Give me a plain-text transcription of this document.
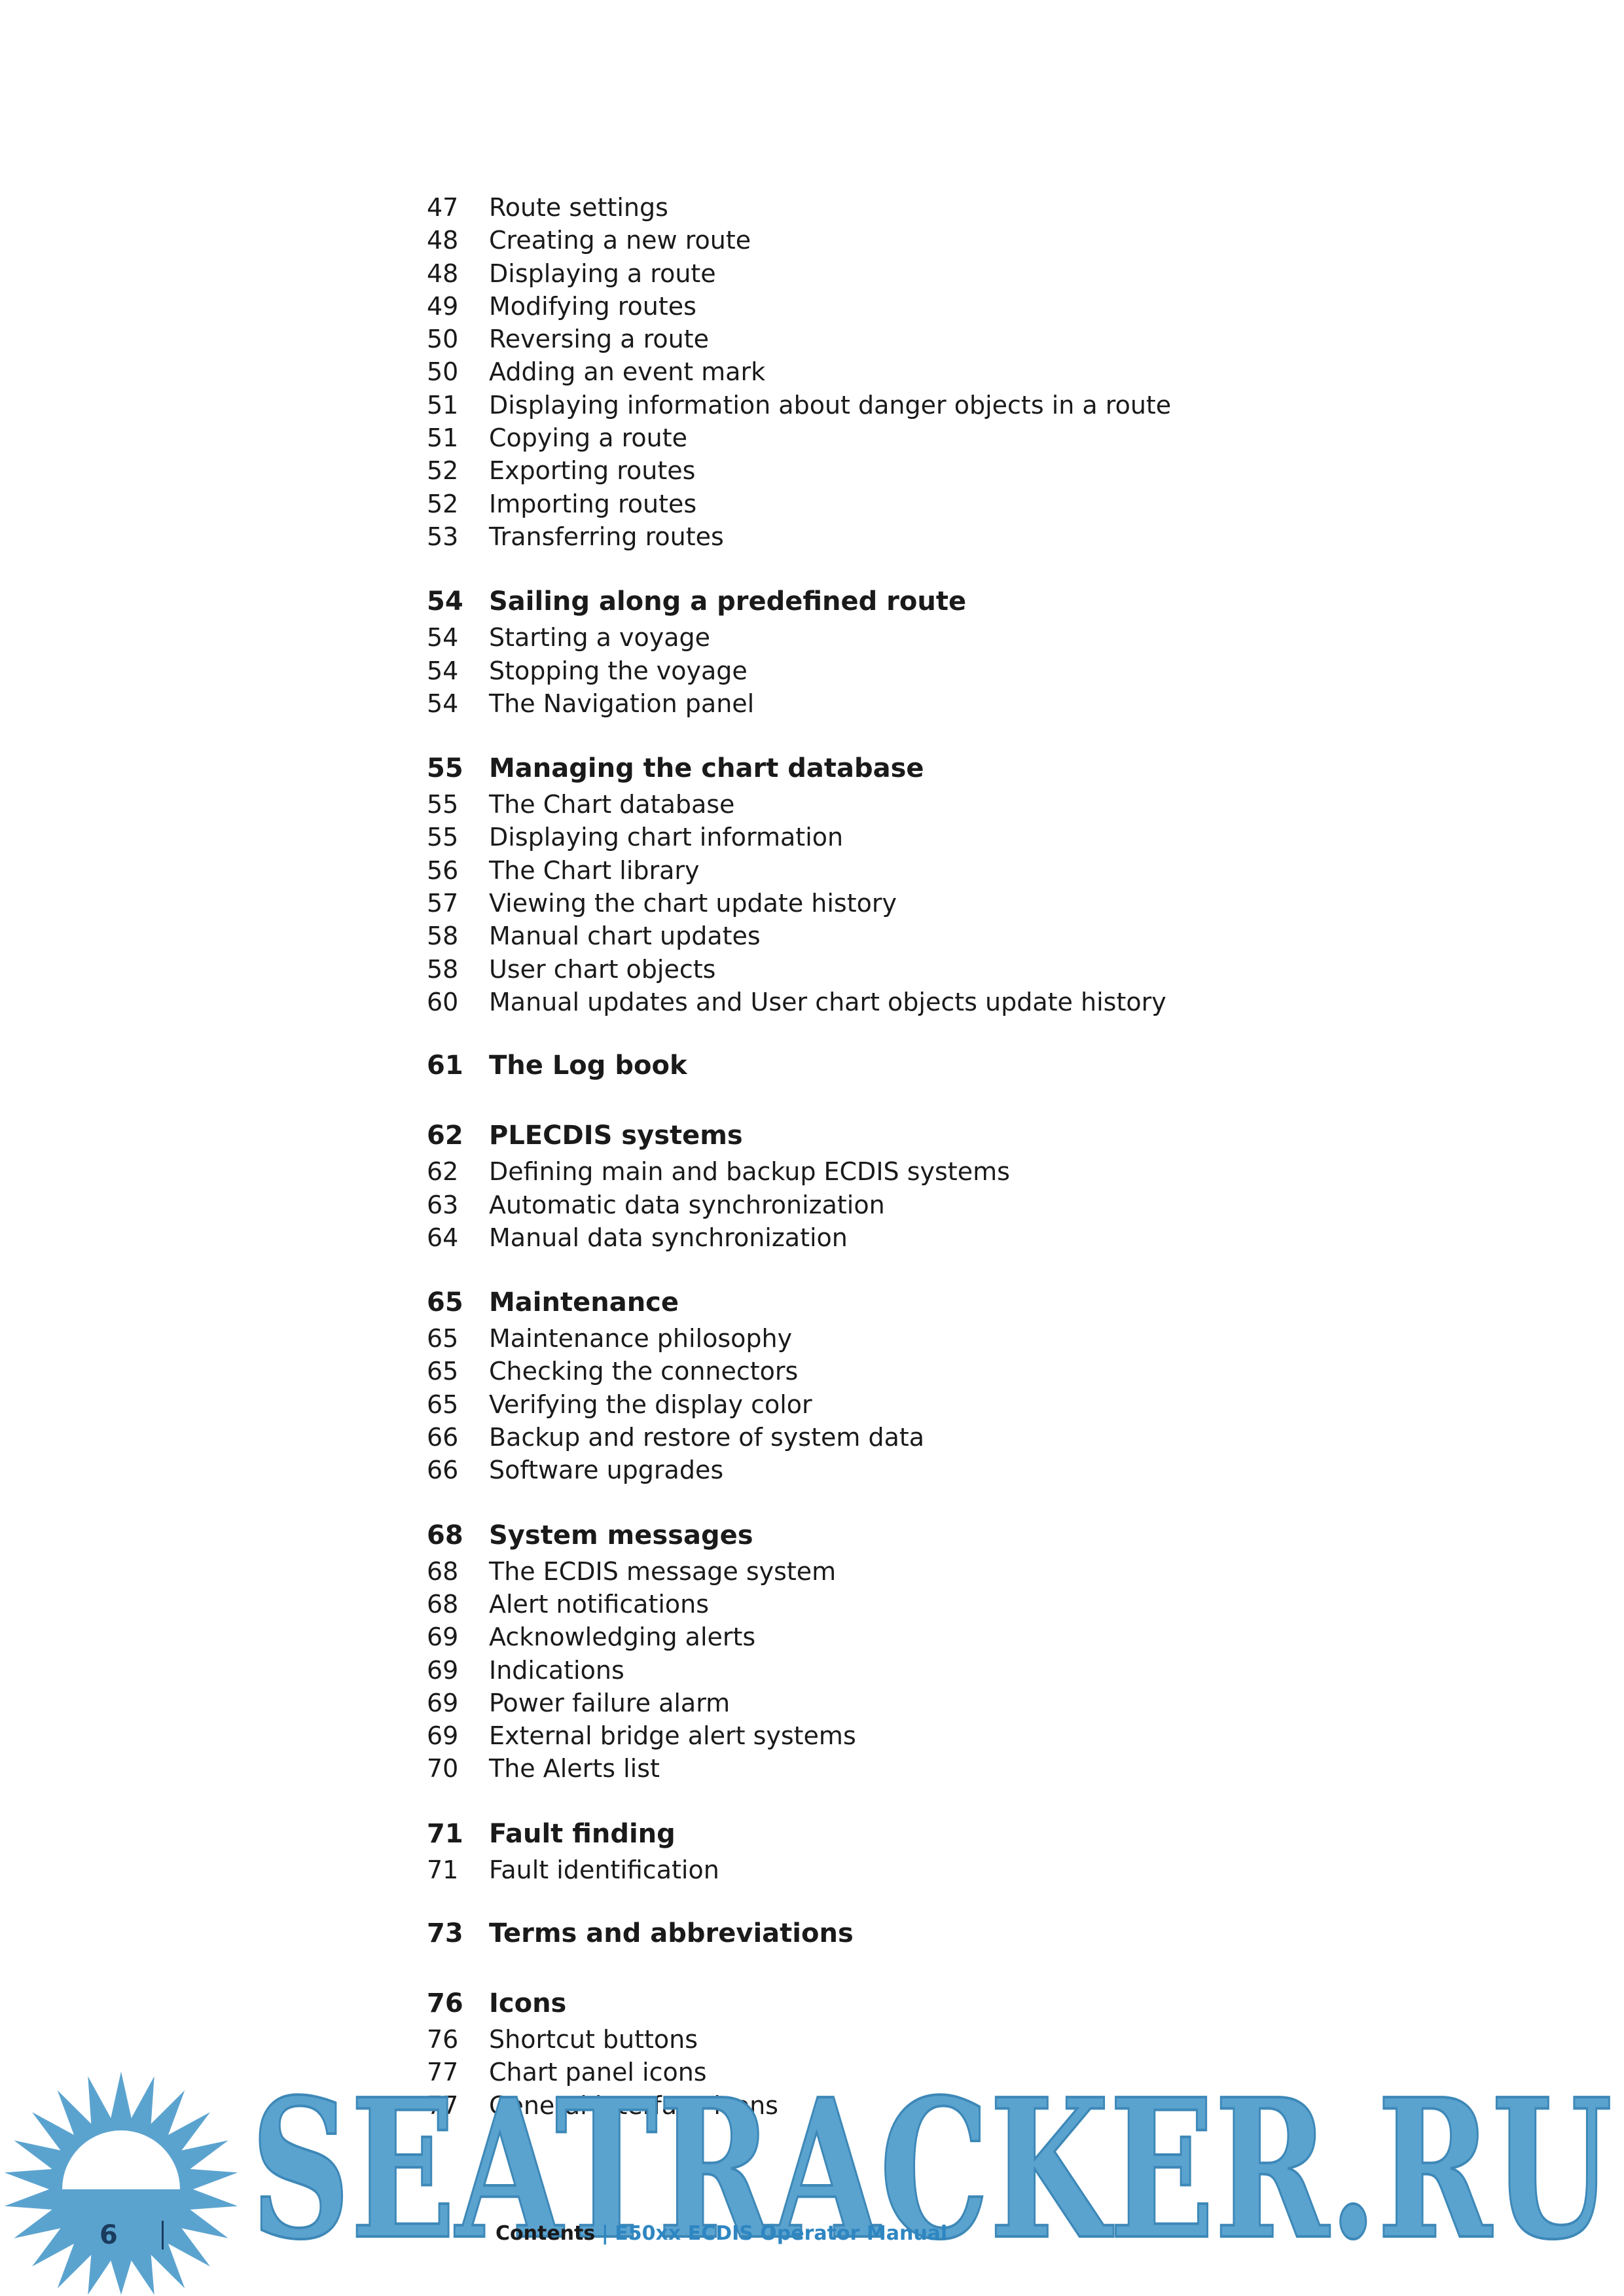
47	Route settings
48	Creating a new route
48	Displaying a route
49	Modifying routes
50	Reversing a route
50	Adding an event mark
51	Displaying information about danger objects in a route
51	Copying a route
52	Exporting routes
52	Importing routes
53	Transferring routes
54 Sailing along a predefined route
54	Starting a voyage
54	Stopping the voyage
54	The Navigation panel
55 Managing the chart database
55	The Chart database
55	Displaying chart information
56	The Chart library
57	Viewing the chart update history
58	Manual chart updates
58	User chart objects
60	Manual updates and User chart objects update history
61 The Log book
62 PLECDIS systems
62	Defining main and backup ECDIS systems
63	Automatic data synchronization
64	Manual data synchronization
65 Maintenance
65	Maintenance philosophy
65	Checking the connectors
65	Verifying the display color
66	Backup and restore of system data
66	Software upgrades
68 System messages
68	The ECDIS message system
68	Alert notifications
69	Acknowledging alerts
69	Indications
69	Power failure alarm
69	External bridge alert systems
70	The Alerts list
71 Fault finding
71	Fault identification
73 Terms and abbreviations
76 Icons
76	Shortcut buttons
77	Chart panel icons
77	General interface icons
SEATRACKER.RU
6	Contents | E50xx ECDIS Operator Manual
